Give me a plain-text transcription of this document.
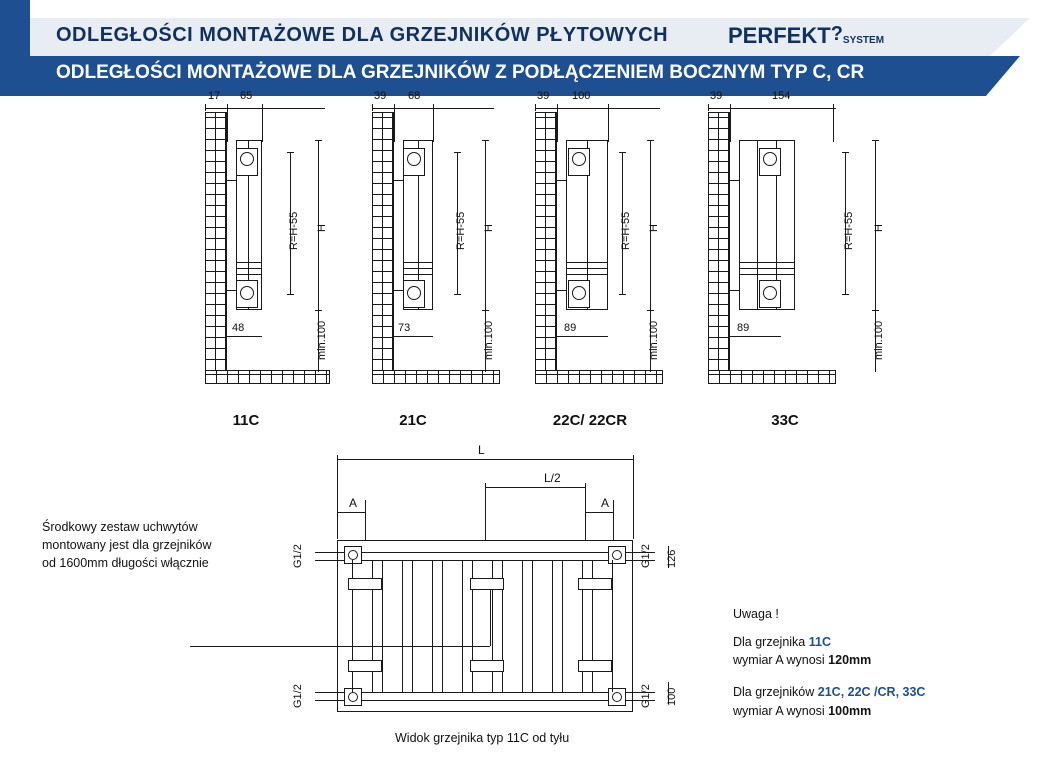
ODLEGŁOŚCI MONTAŻOWE DLA GRZEJNIKÓW PŁYTOWYCH	PERFEKT?SYSTEM
ODLEGŁOŚCI MONTAŻOWE DLA GRZEJNIKÓW Z PODŁĄCZENIEM BOCZNYM TYP C, CR
17 65
R=H-55 H
min.100
48
11C
39 68
R=H-55 H
min.100
73
21C
39 100
R=H-55 H
min.100
89
22C/ 22CR
39	154
R=H-55 H
min.100
89
33C
L
L/2
A	A
G1/2
G1/2
G1/2
G1/2
126
100
Środkowy zestaw uchwytów
montowany jest dla grzejników
od 1600mm długości włącznie
Widok grzejnika typ 11C od tyłu
Uwaga !
Dla grzejnika 11C
wymiar A wynosi 120mm
Dla grzejników 21C, 22C /CR, 33C
wymiar A wynosi 100mm
